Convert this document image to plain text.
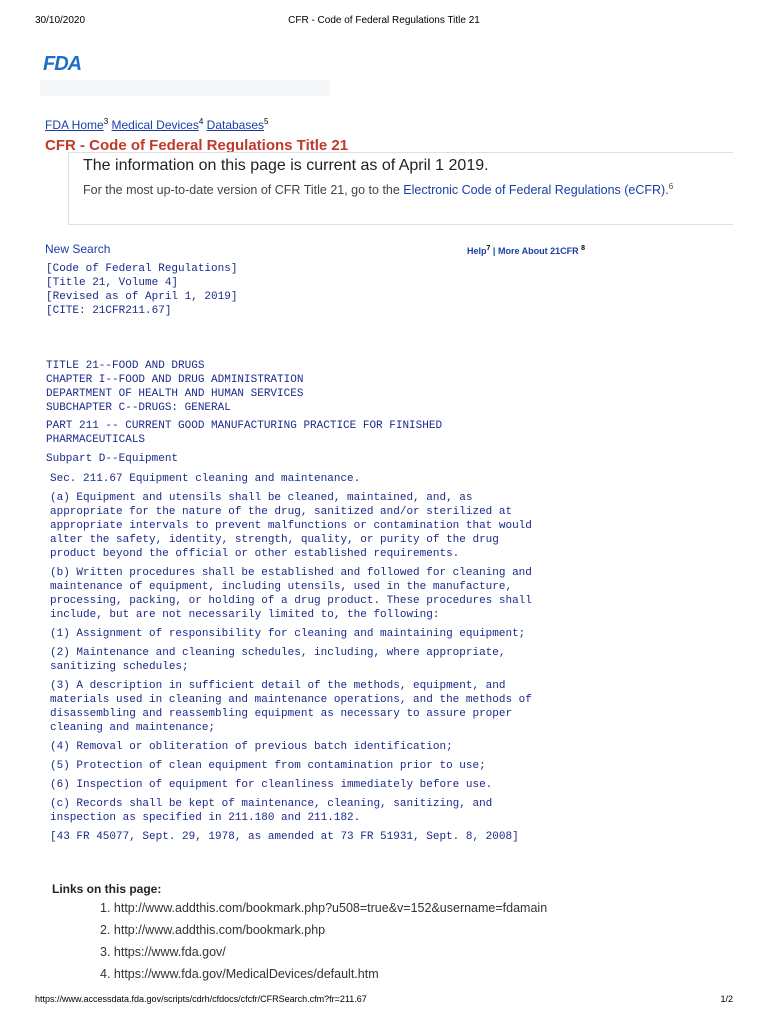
30/10/2020	CFR - Code of Federal Regulations Title 21
FDA
FDA Home$^3$ Medical Devices$^4$ Databases$^5$
CFR - Code of Federal Regulations Title 21
The information on this page is current as of April 1 2019.
For the most up-to-date version of CFR Title 21, go to the Electronic Code of Federal Regulations (eCFR).$^6$
New Search	Help$^7$ | More About 21CFR $^8$
[Code of Federal Regulations]
[Title 21, Volume 4]
[Revised as of April 1, 2019]
[CITE: 21CFR211.67]
TITLE 21--FOOD AND DRUGS
CHAPTER I--FOOD AND DRUG ADMINISTRATION
DEPARTMENT OF HEALTH AND HUMAN SERVICES
SUBCHAPTER C--DRUGS: GENERAL
PART 211 -- CURRENT GOOD MANUFACTURING PRACTICE FOR FINISHED
PHARMACEUTICALS
Subpart D--Equipment

Sec. 211.67 Equipment cleaning and maintenance.

(a) Equipment and utensils shall be cleaned, maintained, and, as
appropriate for the nature of the drug, sanitized and/or sterilized at
appropriate intervals to prevent malfunctions or contamination that would
alter the safety, identity, strength, quality, or purity of the drug
product beyond the official or other established requirements.

(b) Written procedures shall be established and followed for cleaning and
maintenance of equipment, including utensils, used in the manufacture,
processing, packing, or holding of a drug product. These procedures shall
include, but are not necessarily limited to, the following:

(1) Assignment of responsibility for cleaning and maintaining equipment;

(2) Maintenance and cleaning schedules, including, where appropriate,
sanitizing schedules;

(3) A description in sufficient detail of the methods, equipment, and
materials used in cleaning and maintenance operations, and the methods of
disassembling and reassembling equipment as necessary to assure proper
cleaning and maintenance;

(4) Removal or obliteration of previous batch identification;

(5) Protection of clean equipment from contamination prior to use;

(6) Inspection of equipment for cleanliness immediately before use.

(c) Records shall be kept of maintenance, cleaning, sanitizing, and
inspection as specified in 211.180 and 211.182.

[43 FR 45077, Sept. 29, 1978, as amended at 73 FR 51931, Sept. 8, 2008]

Links on this page:
1. http://www.addthis.com/bookmark.php?u508=true&v=152&username=fdamain
2. http://www.addthis.com/bookmark.php
3. https://www.fda.gov/
4. https://www.fda.gov/MedicalDevices/default.htm
https://www.accessdata.fda.gov/scripts/cdrh/cfdocs/cfcfr/CFRSearch.cfm?fr=211.67	1/2
